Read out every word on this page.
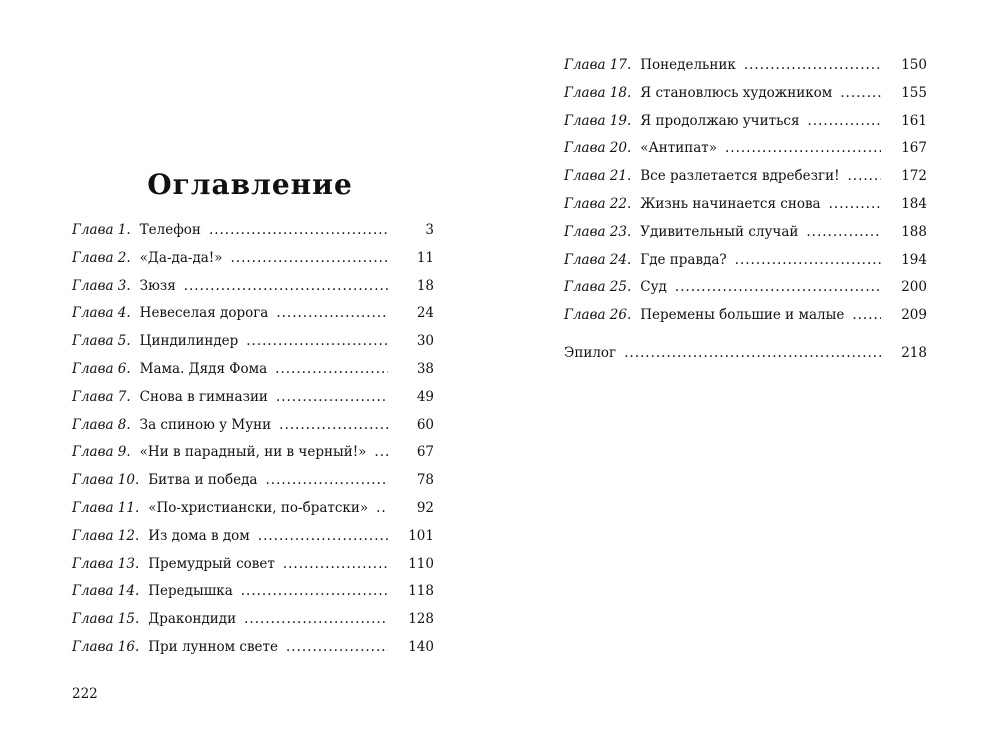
Оглавление
Глава 1. Телефон .....	3
Глава 2. «Да-да-да!» .....	11
Глава 3. Зюзя .....	18
Глава 4. Невеселая дорога .....	24
Глава 5. Циндилиндер .....	30
Глава 6. Мама. Дядя Фома .....	38
Глава 7. Снова в гимназии .....	49
Глава 8. За спиною у Муни .....	60
Глава 9. «Ни в парадный, ни в черный!» .....	67
Глава 10. Битва и победа .....	78
Глава 11. «По-христиански, по-братски» .....	92
Глава 12. Из дома в дом .....	101
Глава 13. Премудрый совет .....	110
Глава 14. Передышка .....	118
Глава 15. Дракондиди .....	128
Глава 16. При лунном свете .....	140

222

Глава 17. Понедельник .....	150
Глава 18. Я становлюсь художником .....	155
Глава 19. Я продолжаю учиться .....	161
Глава 20. «Антипат» .....	167
Глава 21. Все разлетается вдребезги! .....	172
Глава 22. Жизнь начинается снова .....	184
Глава 23. Удивительный случай .....	188
Глава 24. Где правда? .....	194
Глава 25. Суд .....	200
Глава 26. Перемены большие и малые .....	209
Эпилог .....	218
